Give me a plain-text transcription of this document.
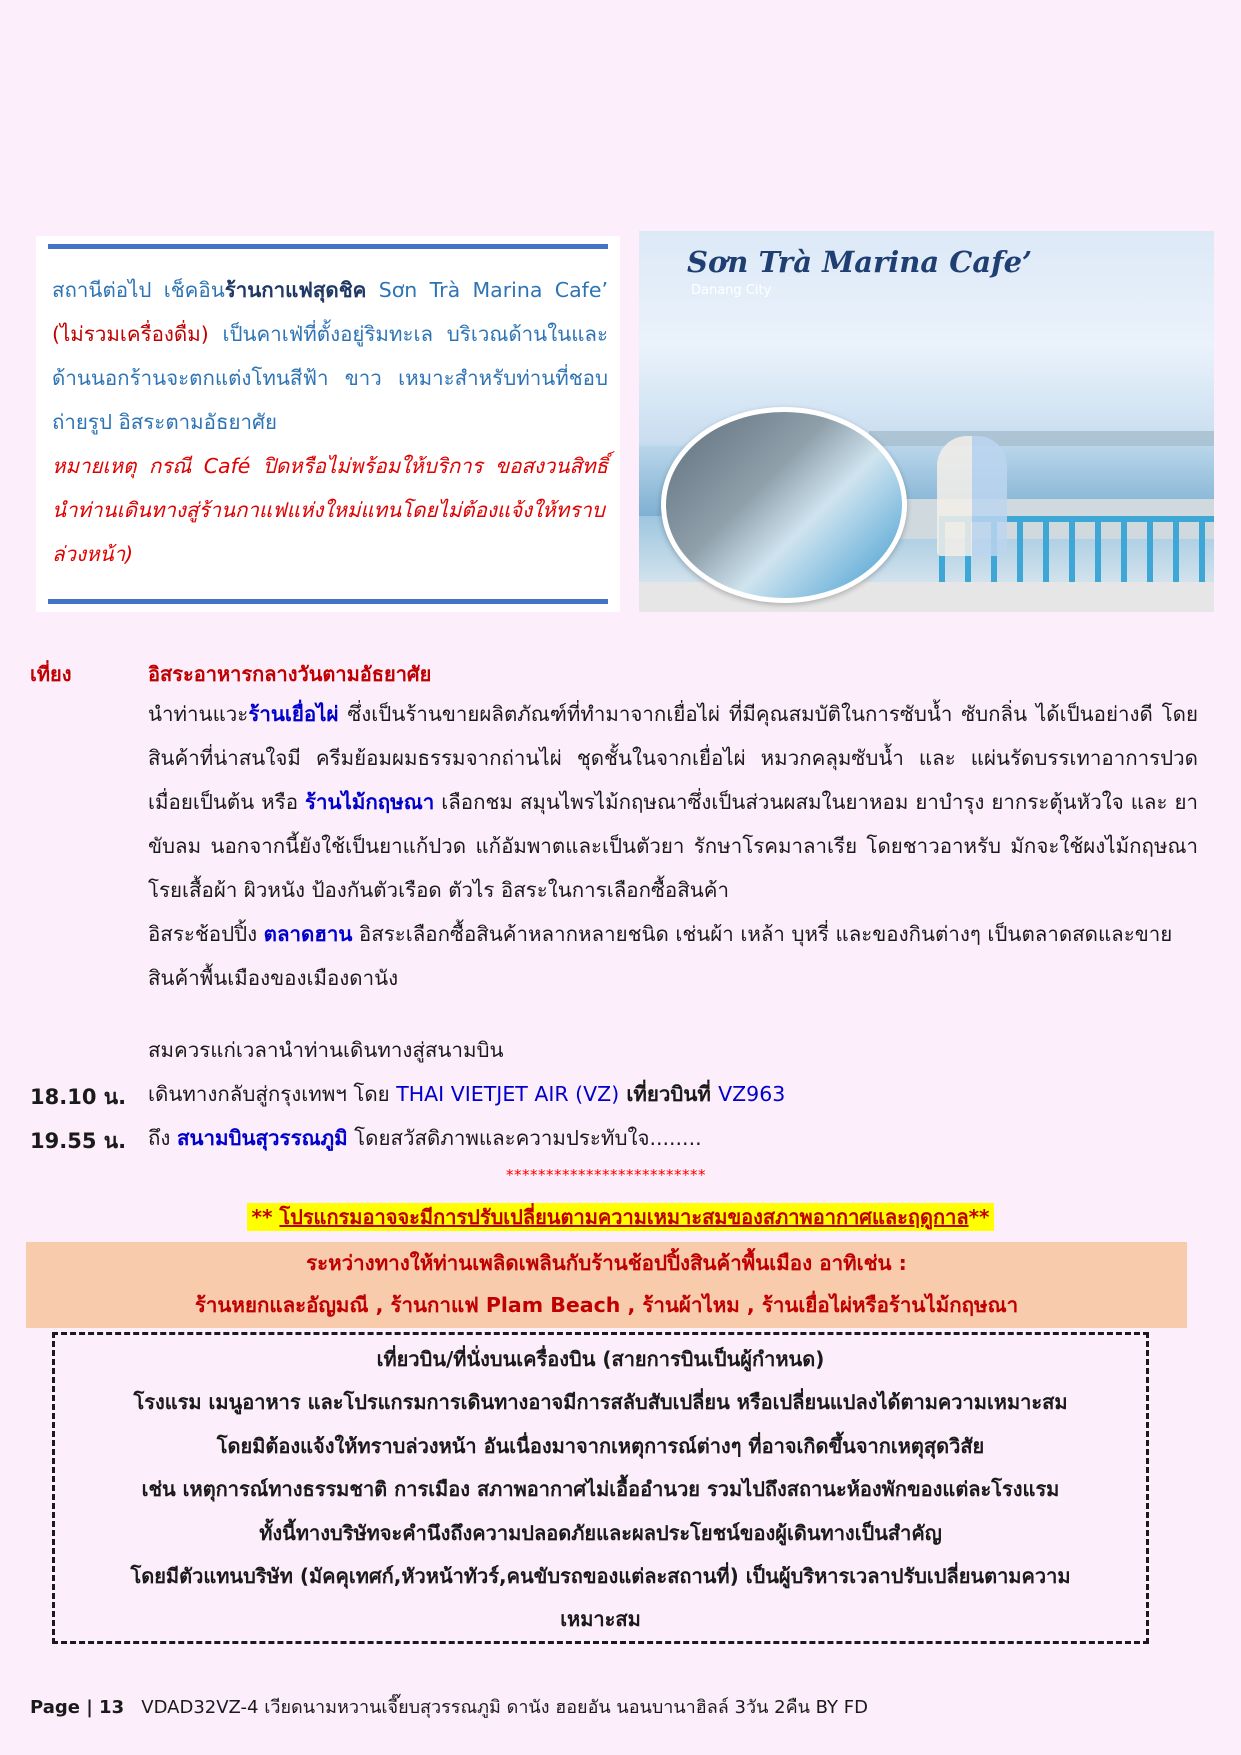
สถานีต่อไป เช็คอินร้านกาแฟสุดชิค Sơn Trà Marina Cafe’ (ไม่รวมเครื่องดื่ม) เป็นคาเฟ่ที่ตั้งอยู่ริมทะเล บริเวณด้านในและด้านนอกร้านจะตกแต่งโทนสีฟ้า ขาว เหมาะสำหรับท่านที่ชอบถ่ายรูป อิสระตามอัธยาศัย
หมายเหตุ กรณี Café ปิดหรือไม่พร้อมให้บริการ ขอสงวนสิทธิ์นำท่านเดินทางสู่ร้านกาแฟแห่งใหม่แทนโดยไม่ต้องแจ้งให้ทราบล่วงหน้า)
Sơn Trà Marina Cafe’
Danang City
เที่ยง	อิสระอาหารกลางวันตามอัธยาศัย
นำท่านแวะร้านเยื่อไผ่ ซึ่งเป็นร้านขายผลิตภัณฑ์ที่ทำมาจากเยื่อไผ่ ที่มีคุณสมบัติในการซับน้ำ ซับกลิ่น ได้เป็นอย่างดี โดยสินค้าที่น่าสนใจมี ครีมย้อมผมธรรมจากถ่านไผ่ ชุดชั้นในจากเยื่อไผ่ หมวกคลุมซับน้ำ และ แผ่นรัดบรรเทาอาการปวดเมื่อยเป็นต้น หรือ ร้านไม้กฤษณา เลือกชม สมุนไพรไม้กฤษณาซึ่งเป็นส่วนผสมในยาหอม ยาบำรุง ยากระตุ้นหัวใจ และ ยาขับลม นอกจากนี้ยังใช้เป็นยาแก้ปวด แก้อัมพาตและเป็นตัวยา รักษาโรคมาลาเรีย โดยชาวอาหรับ มักจะใช้ผงไม้กฤษณาโรยเสื้อผ้า ผิวหนัง ป้องกันตัวเรือด ตัวไร อิสระในการเลือกซื้อสินค้า
อิสระช้อปปิ้ง ตลาดฮาน อิสระเลือกซื้อสินค้าหลากหลายชนิด เช่นผ้า เหล้า บุหรี่ และของกินต่างๆ เป็นตลาดสดและขายสินค้าพื้นเมืองของเมืองดานัง
สมควรแก่เวลานำท่านเดินทางสู่สนามบิน
18.10 น. เดินทางกลับสู่กรุงเทพฯ โดย THAI VIETJET AIR (VZ) เที่ยวบินที่ VZ963
19.55 น. ถึง สนามบินสุวรรณภูมิ โดยสวัสดิภาพและความประทับใจ........
*************************
** โปรแกรมอาจจะมีการปรับเปลี่ยนตามความเหมาะสมของสภาพอากาศและฤดูกาล**
ระหว่างทางให้ท่านเพลิดเพลินกับร้านช้อปปิ้งสินค้าพื้นเมือง อาทิเช่น :
ร้านหยกและอัญมณี , ร้านกาแฟ Plam Beach , ร้านผ้าไหม , ร้านเยื่อไผ่หรือร้านไม้กฤษณา
เที่ยวบิน/ที่นั่งบนเครื่องบิน (สายการบินเป็นผู้กำหนด)
โรงแรม เมนูอาหาร และโปรแกรมการเดินทางอาจมีการสลับสับเปลี่ยน หรือเปลี่ยนแปลงได้ตามความเหมาะสม
โดยมิต้องแจ้งให้ทราบล่วงหน้า อันเนื่องมาจากเหตุการณ์ต่างๆ ที่อาจเกิดขึ้นจากเหตุสุดวิสัย
เช่น เหตุการณ์ทางธรรมชาติ การเมือง สภาพอากาศไม่เอื้ออำนวย รวมไปถึงสถานะห้องพักของแต่ละโรงแรม
ทั้งนี้ทางบริษัทจะคำนึงถึงความปลอดภัยและผลประโยชน์ของผู้เดินทางเป็นสำคัญ
โดยมีตัวแทนบริษัท (มัคคุเทศก์,หัวหน้าทัวร์,คนขับรถของแต่ละสถานที่) เป็นผู้บริหารเวลาปรับเปลี่ยนตามความ
เหมาะสม
Page | 13 VDAD32VZ-4 เวียดนามหวานเจี๊ยบสุวรรณภูมิ ดานัง ฮอยอัน นอนบานาฮิลล์ 3วัน 2คืน BY FD
